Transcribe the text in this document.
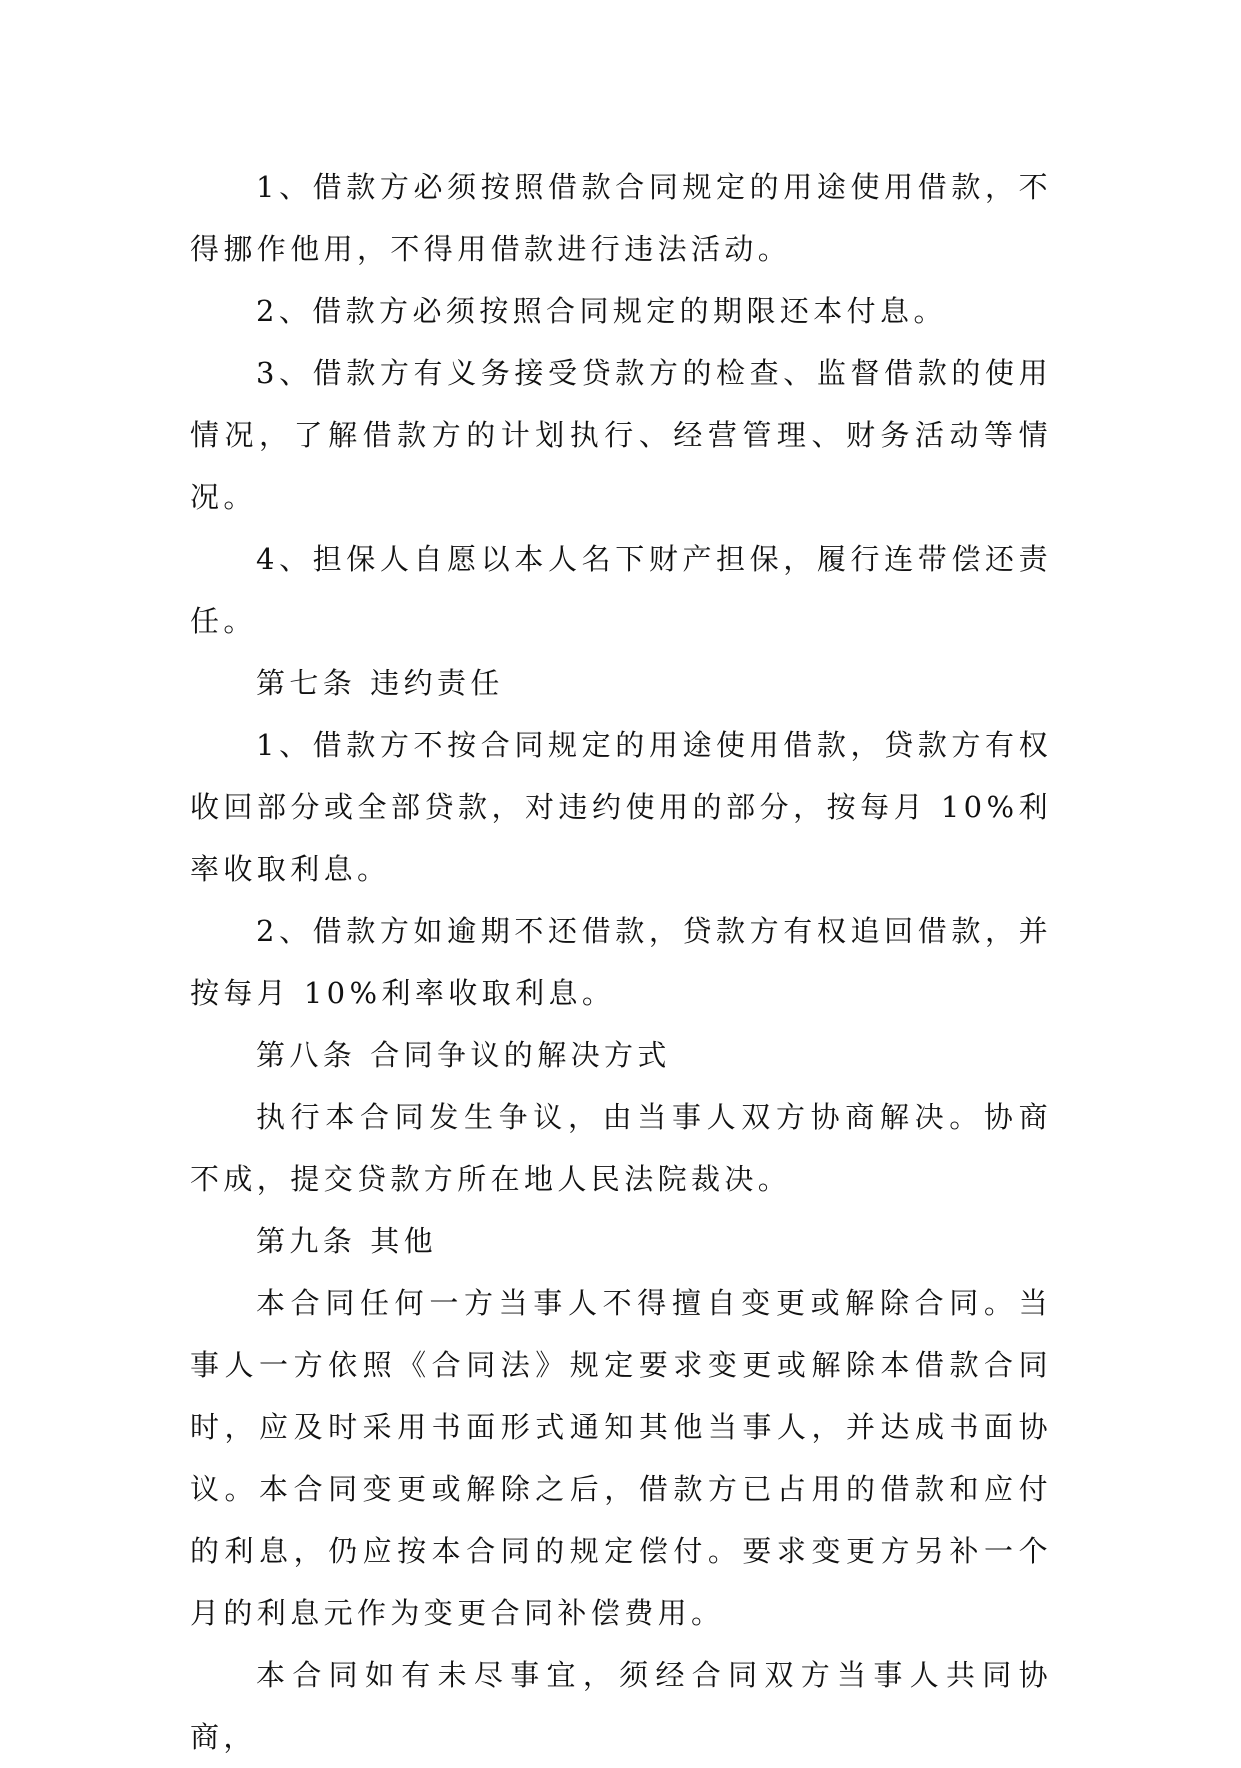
1、借款方必须按照借款合同规定的用途使用借款，不得挪作他用，不得用借款进行违法活动。

2、借款方必须按照合同规定的期限还本付息。

3、借款方有义务接受贷款方的检查、监督借款的使用情况，了解借款方的计划执行、经营管理、财务活动等情况。

4、担保人自愿以本人名下财产担保，履行连带偿还责任。

第七条 违约责任

1、借款方不按合同规定的用途使用借款，贷款方有权收回部分或全部贷款，对违约使用的部分，按每月 10%利率收取利息。

2、借款方如逾期不还借款，贷款方有权追回借款，并按每月 10%利率收取利息。

第八条 合同争议的解决方式

执行本合同发生争议，由当事人双方协商解决。协商不成，提交贷款方所在地人民法院裁决。

第九条 其他

本合同任何一方当事人不得擅自变更或解除合同。当事人一方依照《合同法》规定要求变更或解除本借款合同时，应及时采用书面形式通知其他当事人，并达成书面协议。本合同变更或解除之后，借款方已占用的借款和应付的利息，仍应按本合同的规定偿付。要求变更方另补一个月的利息元作为变更合同补偿费用。

本合同如有未尽事宜，须经合同双方当事人共同协商，
